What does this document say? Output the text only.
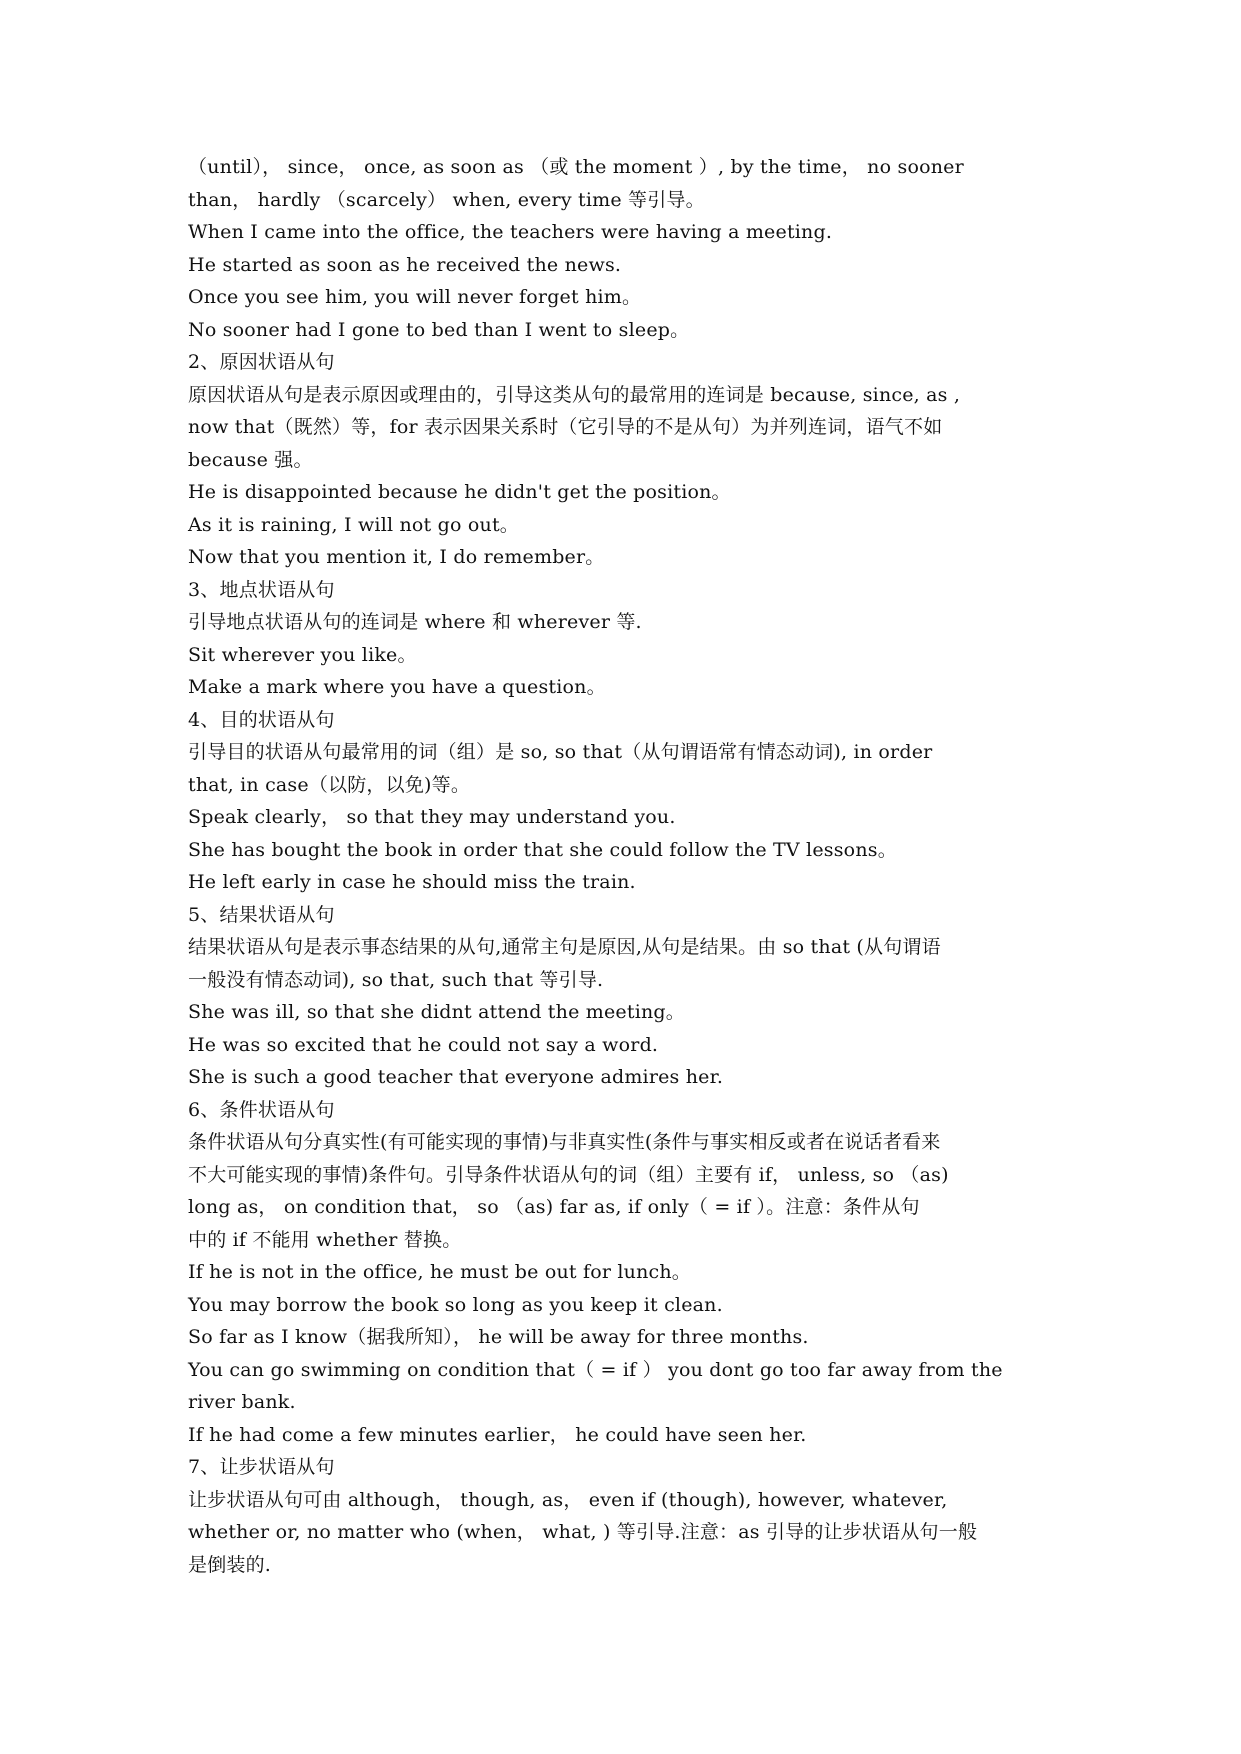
（until）， since， once, as soon as （或 the moment ）, by the time， no sooner
than， hardly （scarcely） when, every time 等引导。
When I came into the office, the teachers were having a meeting.
He started as soon as he received the news.
Once you see him, you will never forget him。
No sooner had I gone to bed than I went to sleep。
2、原因状语从句
原因状语从句是表示原因或理由的，引导这类从句的最常用的连词是 because, since, as ,
now that（既然）等，for 表示因果关系时（它引导的不是从句）为并列连词，语气不如
because 强。
He is disappointed because he didn't get the position。
As it is raining, I will not go out。
Now that you mention it, I do remember。
3、地点状语从句
引导地点状语从句的连词是 where 和 wherever 等.
Sit wherever you like。
Make a mark where you have a question。
4、目的状语从句
引导目的状语从句最常用的词（组）是 so, so that（从句谓语常有情态动词), in order
that, in case（以防，以免)等。
Speak clearly， so that they may understand you.
She has bought the book in order that she could follow the TV lessons。
He left early in case he should miss the train.
5、结果状语从句
结果状语从句是表示事态结果的从句,通常主句是原因,从句是结果。由 so that (从句谓语
一般没有情态动词), so that, such that 等引导.
She was ill, so that she didnt attend the meeting。
He was so excited that he could not say a word.
She is such a good teacher that everyone admires her.
6、条件状语从句
条件状语从句分真实性(有可能实现的事情)与非真实性(条件与事实相反或者在说话者看来
不大可能实现的事情)条件句。引导条件状语从句的词（组）主要有 if， unless, so （as)
long as， on condition that， so （as) far as, if only（ = if ）。注意：条件从句
中的 if 不能用 whether 替换。
If he is not in the office, he must be out for lunch。
You may borrow the book so long as you keep it clean.
So far as I know（据我所知）， he will be away for three months.
You can go swimming on condition that（ = if ） you dont go too far away from the
river bank.
If he had come a few minutes earlier， he could have seen her.
7、让步状语从句
让步状语从句可由 although， though, as， even if (though), however, whatever,
whether or, no matter who (when， what, ) 等引导.注意：as 引导的让步状语从句一般
是倒装的.
